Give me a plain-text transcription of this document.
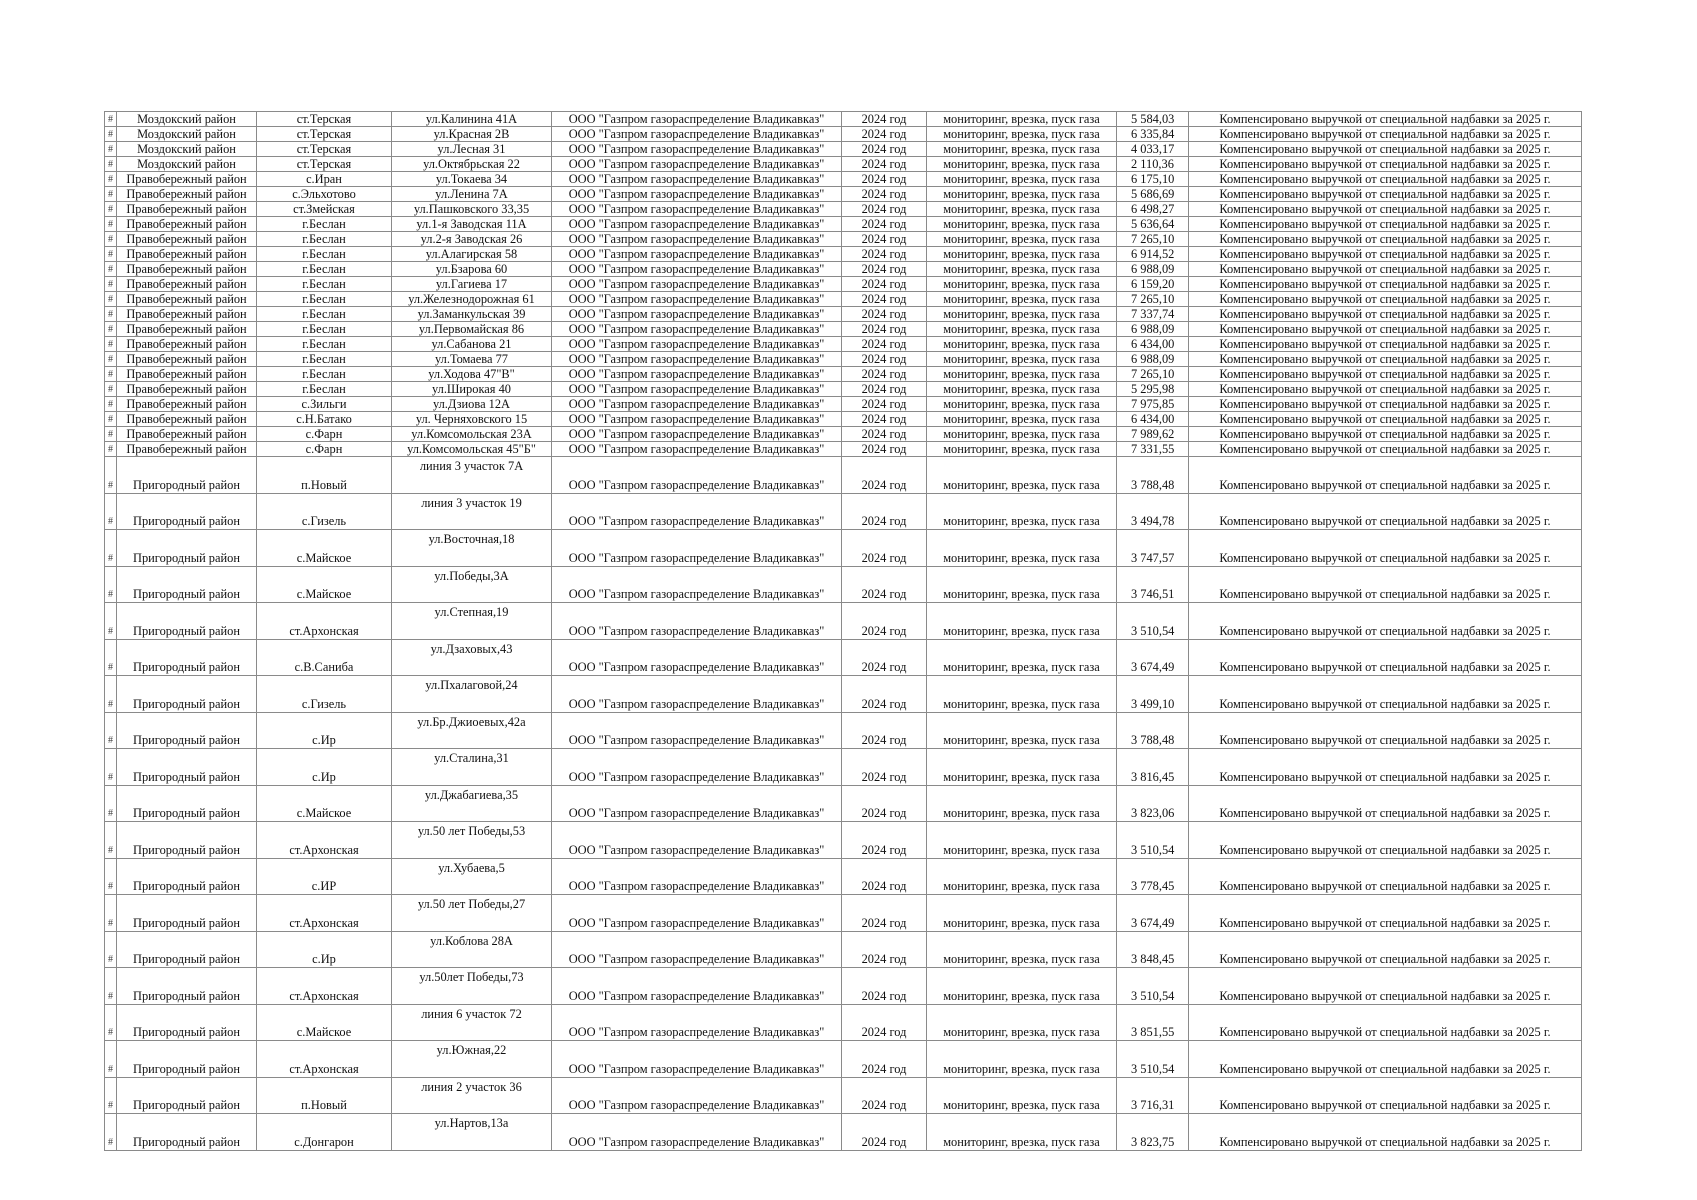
#	Моздокский район	ст.Терская	ул.Калинина 41А	ООО "Газпром газораспределение Владикавказ"	2024 год	мониторинг, врезка, пуск газа	5 584,03	Компенсировано выручкой от специальной надбавки за 2025 г.
#	Моздокский район	ст.Терская	ул.Красная 2В	ООО "Газпром газораспределение Владикавказ"	2024 год	мониторинг, врезка, пуск газа	6 335,84	Компенсировано выручкой от специальной надбавки за 2025 г.
#	Моздокский район	ст.Терская	ул.Лесная 31	ООО "Газпром газораспределение Владикавказ"	2024 год	мониторинг, врезка, пуск газа	4 033,17	Компенсировано выручкой от специальной надбавки за 2025 г.
#	Моздокский район	ст.Терская	ул.Октябрьская 22	ООО "Газпром газораспределение Владикавказ"	2024 год	мониторинг, врезка, пуск газа	2 110,36	Компенсировано выручкой от специальной надбавки за 2025 г.
#	Правобережный район	с.Иран	ул.Токаева 34	ООО "Газпром газораспределение Владикавказ"	2024 год	мониторинг, врезка, пуск газа	6 175,10	Компенсировано выручкой от специальной надбавки за 2025 г.
#	Правобережный район	с.Эльхотово	ул.Ленина 7А	ООО "Газпром газораспределение Владикавказ"	2024 год	мониторинг, врезка, пуск газа	5 686,69	Компенсировано выручкой от специальной надбавки за 2025 г.
#	Правобережный район	ст.Змейская	ул.Пашковского 33,35	ООО "Газпром газораспределение Владикавказ"	2024 год	мониторинг, врезка, пуск газа	6 498,27	Компенсировано выручкой от специальной надбавки за 2025 г.
#	Правобережный район	г.Беслан	ул.1-я Заводская 11А	ООО "Газпром газораспределение Владикавказ"	2024 год	мониторинг, врезка, пуск газа	5 636,64	Компенсировано выручкой от специальной надбавки за 2025 г.
#	Правобережный район	г.Беслан	ул.2-я Заводская 26	ООО "Газпром газораспределение Владикавказ"	2024 год	мониторинг, врезка, пуск газа	7 265,10	Компенсировано выручкой от специальной надбавки за 2025 г.
#	Правобережный район	г.Беслан	ул.Алагирская 58	ООО "Газпром газораспределение Владикавказ"	2024 год	мониторинг, врезка, пуск газа	6 914,52	Компенсировано выручкой от специальной надбавки за 2025 г.
#	Правобережный район	г.Беслан	ул.Бзарова 60	ООО "Газпром газораспределение Владикавказ"	2024 год	мониторинг, врезка, пуск газа	6 988,09	Компенсировано выручкой от специальной надбавки за 2025 г.
#	Правобережный район	г.Беслан	ул.Гагиева 17	ООО "Газпром газораспределение Владикавказ"	2024 год	мониторинг, врезка, пуск газа	6 159,20	Компенсировано выручкой от специальной надбавки за 2025 г.
#	Правобережный район	г.Беслан	ул.Железнодорожная 61	ООО "Газпром газораспределение Владикавказ"	2024 год	мониторинг, врезка, пуск газа	7 265,10	Компенсировано выручкой от специальной надбавки за 2025 г.
#	Правобережный район	г.Беслан	ул.Заманкульская 39	ООО "Газпром газораспределение Владикавказ"	2024 год	мониторинг, врезка, пуск газа	7 337,74	Компенсировано выручкой от специальной надбавки за 2025 г.
#	Правобережный район	г.Беслан	ул.Первомайская 86	ООО "Газпром газораспределение Владикавказ"	2024 год	мониторинг, врезка, пуск газа	6 988,09	Компенсировано выручкой от специальной надбавки за 2025 г.
#	Правобережный район	г.Беслан	ул.Сабанова 21	ООО "Газпром газораспределение Владикавказ"	2024 год	мониторинг, врезка, пуск газа	6 434,00	Компенсировано выручкой от специальной надбавки за 2025 г.
#	Правобережный район	г.Беслан	ул.Томаева 77	ООО "Газпром газораспределение Владикавказ"	2024 год	мониторинг, врезка, пуск газа	6 988,09	Компенсировано выручкой от специальной надбавки за 2025 г.
#	Правобережный район	г.Беслан	ул.Ходова 47"В"	ООО "Газпром газораспределение Владикавказ"	2024 год	мониторинг, врезка, пуск газа	7 265,10	Компенсировано выручкой от специальной надбавки за 2025 г.
#	Правобережный район	г.Беслан	ул.Широкая 40	ООО "Газпром газораспределение Владикавказ"	2024 год	мониторинг, врезка, пуск газа	5 295,98	Компенсировано выручкой от специальной надбавки за 2025 г.
#	Правобережный район	с.Зильги	ул.Дзиова 12А	ООО "Газпром газораспределение Владикавказ"	2024 год	мониторинг, врезка, пуск газа	7 975,85	Компенсировано выручкой от специальной надбавки за 2025 г.
#	Правобережный район	с.Н.Батако	ул. Черняховского 15	ООО "Газпром газораспределение Владикавказ"	2024 год	мониторинг, врезка, пуск газа	6 434,00	Компенсировано выручкой от специальной надбавки за 2025 г.
#	Правобережный район	с.Фарн	ул.Комсомольская 23А	ООО "Газпром газораспределение Владикавказ"	2024 год	мониторинг, врезка, пуск газа	7 989,62	Компенсировано выручкой от специальной надбавки за 2025 г.
#	Правобережный район	с.Фарн	ул.Комсомольская 45"Б"	ООО "Газпром газораспределение Владикавказ"	2024 год	мониторинг, врезка, пуск газа	7 331,55	Компенсировано выручкой от специальной надбавки за 2025 г.
#	Пригородный район	п.Новый	линия 3 участок 7А	ООО "Газпром газораспределение Владикавказ"	2024 год	мониторинг, врезка, пуск газа	3 788,48	Компенсировано выручкой от специальной надбавки за 2025 г.
#	Пригородный район	с.Гизель	линия 3 участок 19	ООО "Газпром газораспределение Владикавказ"	2024 год	мониторинг, врезка, пуск газа	3 494,78	Компенсировано выручкой от специальной надбавки за 2025 г.
#	Пригородный район	с.Майское	ул.Восточная,18	ООО "Газпром газораспределение Владикавказ"	2024 год	мониторинг, врезка, пуск газа	3 747,57	Компенсировано выручкой от специальной надбавки за 2025 г.
#	Пригородный район	с.Майское	ул.Победы,3А	ООО "Газпром газораспределение Владикавказ"	2024 год	мониторинг, врезка, пуск газа	3 746,51	Компенсировано выручкой от специальной надбавки за 2025 г.
#	Пригородный район	ст.Архонская	ул.Степная,19	ООО "Газпром газораспределение Владикавказ"	2024 год	мониторинг, врезка, пуск газа	3 510,54	Компенсировано выручкой от специальной надбавки за 2025 г.
#	Пригородный район	с.В.Саниба	ул.Дзаховых,43	ООО "Газпром газораспределение Владикавказ"	2024 год	мониторинг, врезка, пуск газа	3 674,49	Компенсировано выручкой от специальной надбавки за 2025 г.
#	Пригородный район	с.Гизель	ул.Пхалаговой,24	ООО "Газпром газораспределение Владикавказ"	2024 год	мониторинг, врезка, пуск газа	3 499,10	Компенсировано выручкой от специальной надбавки за 2025 г.
#	Пригородный район	с.Ир	ул.Бр.Джиоевых,42а	ООО "Газпром газораспределение Владикавказ"	2024 год	мониторинг, врезка, пуск газа	3 788,48	Компенсировано выручкой от специальной надбавки за 2025 г.
#	Пригородный район	с.Ир	ул.Сталина,31	ООО "Газпром газораспределение Владикавказ"	2024 год	мониторинг, врезка, пуск газа	3 816,45	Компенсировано выручкой от специальной надбавки за 2025 г.
#	Пригородный район	с.Майское	ул.Джабагиева,35	ООО "Газпром газораспределение Владикавказ"	2024 год	мониторинг, врезка, пуск газа	3 823,06	Компенсировано выручкой от специальной надбавки за 2025 г.
#	Пригородный район	ст.Архонская	ул.50 лет Победы,53	ООО "Газпром газораспределение Владикавказ"	2024 год	мониторинг, врезка, пуск газа	3 510,54	Компенсировано выручкой от специальной надбавки за 2025 г.
#	Пригородный район	с.ИР	ул.Хубаева,5	ООО "Газпром газораспределение Владикавказ"	2024 год	мониторинг, врезка, пуск газа	3 778,45	Компенсировано выручкой от специальной надбавки за 2025 г.
#	Пригородный район	ст.Архонская	ул.50 лет Победы,27	ООО "Газпром газораспределение Владикавказ"	2024 год	мониторинг, врезка, пуск газа	3 674,49	Компенсировано выручкой от специальной надбавки за 2025 г.
#	Пригородный район	с.Ир	ул.Коблова 28А	ООО "Газпром газораспределение Владикавказ"	2024 год	мониторинг, врезка, пуск газа	3 848,45	Компенсировано выручкой от специальной надбавки за 2025 г.
#	Пригородный район	ст.Архонская	ул.50лет Победы,73	ООО "Газпром газораспределение Владикавказ"	2024 год	мониторинг, врезка, пуск газа	3 510,54	Компенсировано выручкой от специальной надбавки за 2025 г.
#	Пригородный район	с.Майское	линия 6 участок 72	ООО "Газпром газораспределение Владикавказ"	2024 год	мониторинг, врезка, пуск газа	3 851,55	Компенсировано выручкой от специальной надбавки за 2025 г.
#	Пригородный район	ст.Архонская	ул.Южная,22	ООО "Газпром газораспределение Владикавказ"	2024 год	мониторинг, врезка, пуск газа	3 510,54	Компенсировано выручкой от специальной надбавки за 2025 г.
#	Пригородный район	п.Новый	линия 2 участок 36	ООО "Газпром газораспределение Владикавказ"	2024 год	мониторинг, врезка, пуск газа	3 716,31	Компенсировано выручкой от специальной надбавки за 2025 г.
#	Пригородный район	с.Донгарон	ул.Нартов,13а	ООО "Газпром газораспределение Владикавказ"	2024 год	мониторинг, врезка, пуск газа	3 823,75	Компенсировано выручкой от специальной надбавки за 2025 г.
